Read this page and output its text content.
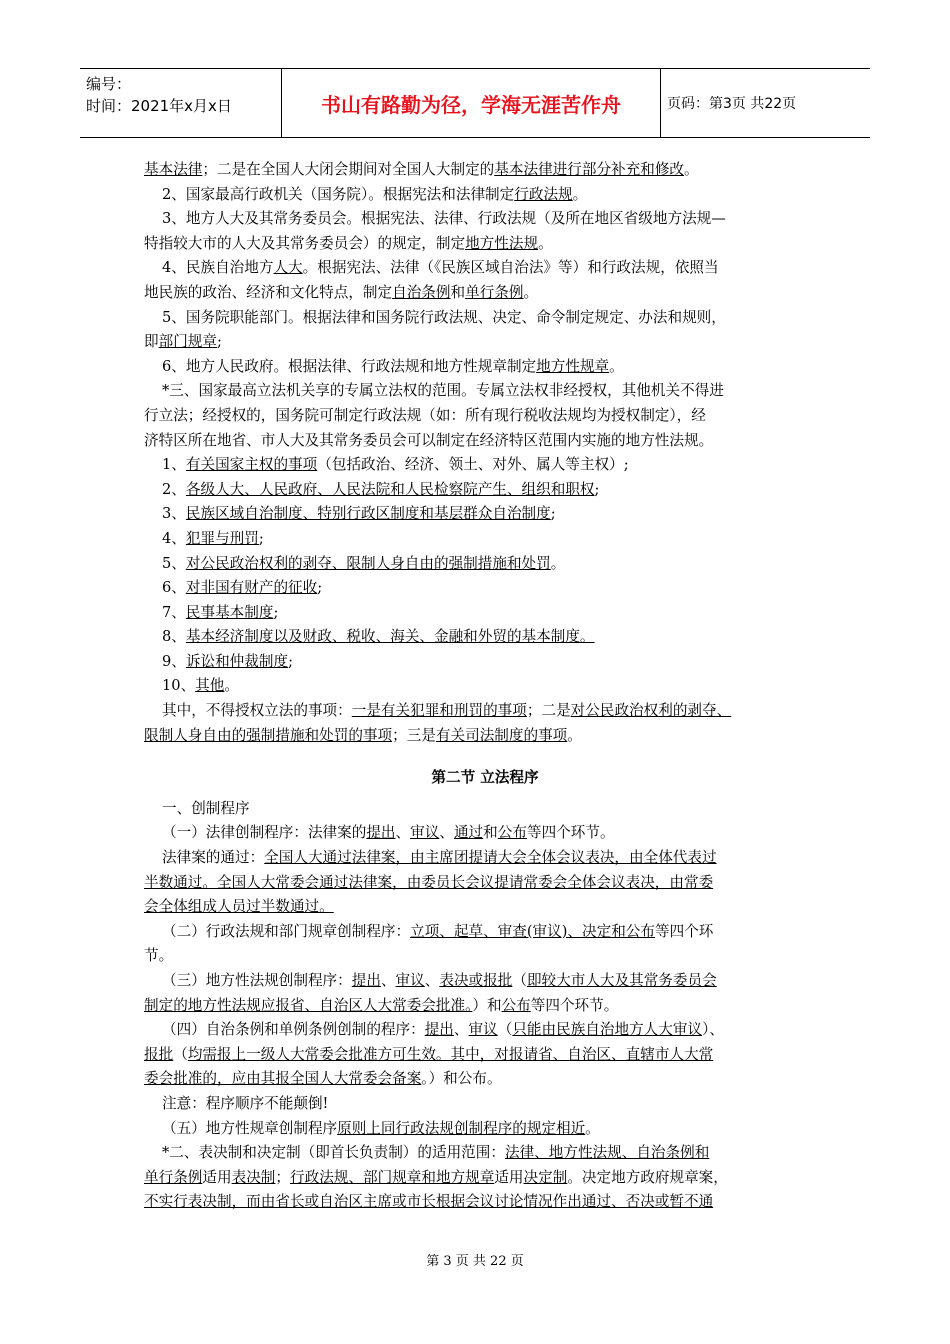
编号：
时间：2021年x月x日	书山有路勤为径，学海无涯苦作舟	页码：第3页 共22页

基本法律；二是在全国人大闭会期间对全国人大制定的基本法律进行部分补充和修改。

2、国家最高行政机关（国务院）。根据宪法和法律制定行政法规。

3、地方人大及其常务委员会。根据宪法、法律、行政法规（及所在地区省级地方法规—

特指较大市的人大及其常务委员会）的规定，制定地方性法规。

4、民族自治地方人大。根据宪法、法律（《民族区域自治法》等）和行政法规，依照当

地民族的政治、经济和文化特点，制定自治条例和单行条例。

5、国务院职能部门。根据法律和国务院行政法规、决定、命令制定规定、办法和规则，

即部门规章;

6、地方人民政府。根据法律、行政法规和地方性规章制定地方性规章。

*三、国家最高立法机关享的专属立法权的范围。专属立法权非经授权，其他机关不得进

行立法；经授权的，国务院可制定行政法规（如：所有现行税收法规均为授权制定），经

济特区所在地省、市人大及其常务委员会可以制定在经济特区范围内实施的地方性法规。

1、有关国家主权的事项（包括政治、经济、领土、对外、属人等主权）;

2、各级人大、人民政府、人民法院和人民检察院产生、组织和职权;

3、民族区域自治制度、特别行政区制度和基层群众自治制度;

4、犯罪与刑罚;

5、对公民政治权利的剥夺、限制人身自由的强制措施和处罚。

6、对非国有财产的征收;

7、民事基本制度;

8、基本经济制度以及财政、税收、海关、金融和外贸的基本制度。

9、诉讼和仲裁制度;

10、其他。

其中，不得授权立法的事项：一是有关犯罪和刑罚的事项；二是对公民政治权利的剥夺、

限制人身自由的强制措施和处罚的事项；三是有关司法制度的事项。

第二节 立法程序

一、创制程序

（一）法律创制程序：法律案的提出、审议、通过和公布等四个环节。

法律案的通过：全国人大通过法律案，由主席团提请大会全体会议表决，由全体代表过

半数通过。全国人大常委会通过法律案，由委员长会议提请常委会全体会议表决，由常委

会全体组成人员过半数通过。

（二）行政法规和部门规章创制程序：立项、起草、审查(审议)、决定和公布等四个环

节。

（三）地方性法规创制程序：提出、审议、表决或报批（即较大市人大及其常务委员会

制定的地方性法规应报省、自治区人大常委会批准。）和公布等四个环节。

（四）自治条例和单例条例创制的程序：提出、审议（只能由民族自治地方人大审议）、

报批（均需报上一级人大常委会批准方可生效。其中，对报请省、自治区、直辖市人大常

委会批准的，应由其报全国人大常委会备案。）和公布。

注意：程序顺序不能颠倒!

（五）地方性规章创制程序原则上同行政法规创制程序的规定相近。

*二、表决制和决定制（即首长负责制）的适用范围：法律、地方性法规、自治条例和

单行条例适用表决制；行政法规、部门规章和地方规章适用决定制。决定地方政府规章案，

不实行表决制，而由省长或自治区主席或市长根据会议讨论情况作出通过、否决或暂不通

第 3 页 共 22 页
